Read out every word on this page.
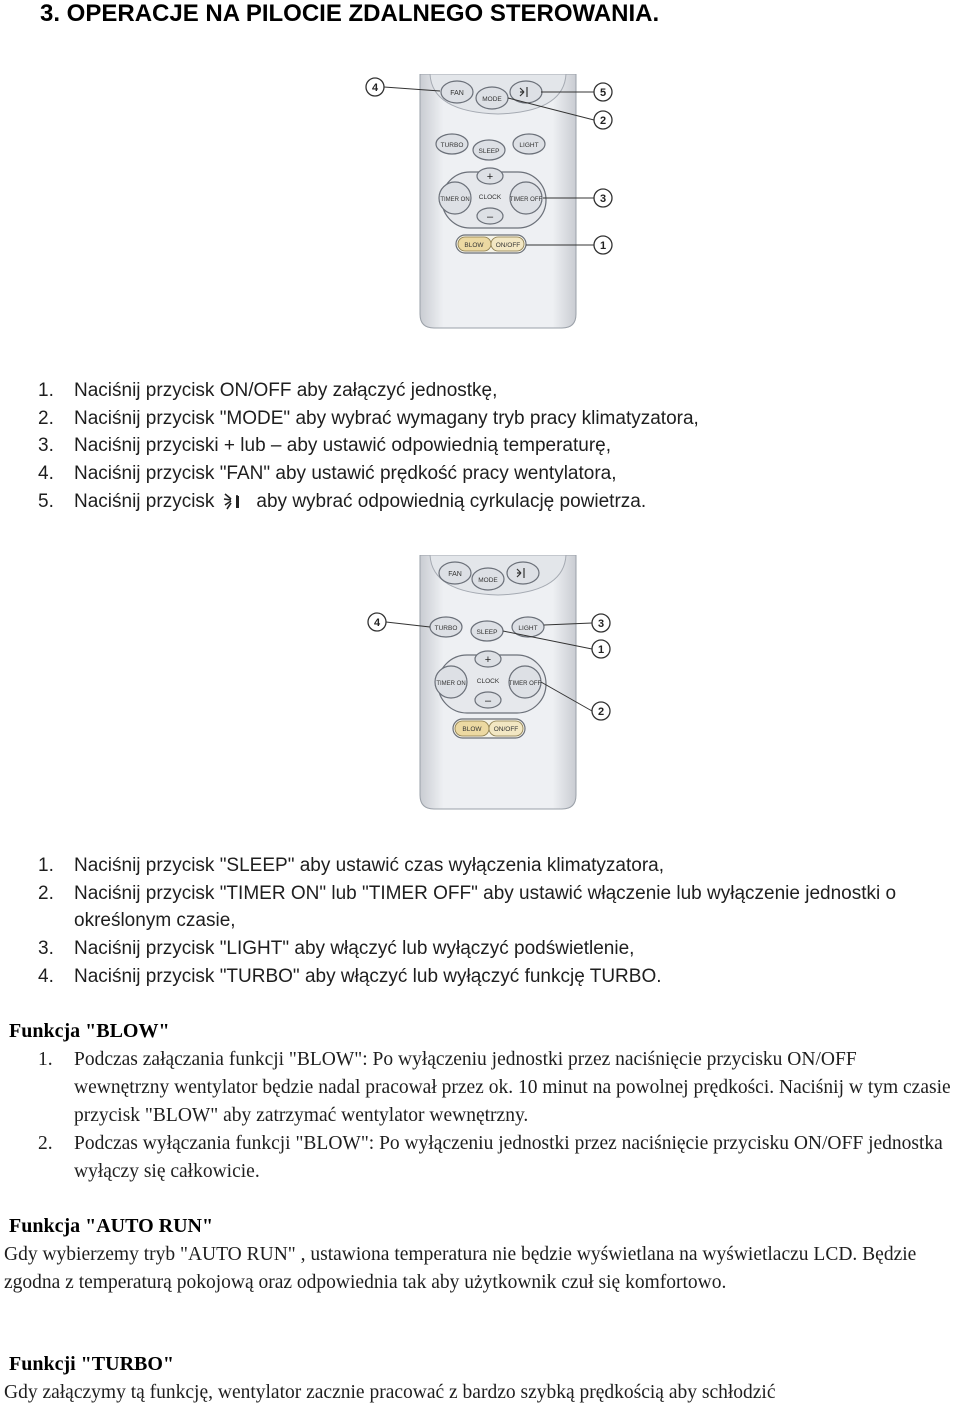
3. OPERACJE NA PILOCIE ZDALNEGO STEROWANIA.
FAN
MODE
TURBO
SLEEP
LIGHT
+
–
CLOCK
TIMER ON	TIMER OFF
BLOW ON/OFF
4	5
2
3
1
1. Naciśnij przycisk ON/OFF aby załączyć jednostkę,
2. Naciśnij przycisk "MODE" aby wybrać wymagany tryb pracy klimatyzatora,
3. Naciśnij przyciski + lub – aby ustawić odpowiednią temperaturę,
4. Naciśnij przycisk "FAN" aby ustawić prędkość pracy wentylatora,
5. Naciśnij przycisk aby wybrać odpowiednią cyrkulację powietrza.
FAN
MODE
TURBO
SLEEP
LIGHT
+
–
CLOCK
TIMER ON	TIMER OFF
BLOW ON/OFF
4	3
1
2
1. Naciśnij przycisk "SLEEP" aby ustawić czas wyłączenia klimatyzatora,
2. Naciśnij przycisk "TIMER ON" lub "TIMER OFF" aby ustawić włączenie lub wyłączenie jednostki o określonym czasie,
3. Naciśnij przycisk "LIGHT" aby włączyć lub wyłączyć podświetlenie,
4. Naciśnij przycisk "TURBO" aby włączyć lub wyłączyć funkcję TURBO.
Funkcja "BLOW"
1. Podczas załączania funkcji "BLOW": Po wyłączeniu jednostki przez naciśnięcie przycisku ON/OFF wewnętrzny wentylator będzie nadal pracował przez ok. 10 minut na powolnej prędkości. Naciśnij w tym czasie przycisk "BLOW" aby zatrzymać wentylator wewnętrzny.
2. Podczas wyłączania funkcji "BLOW": Po wyłączeniu jednostki przez naciśnięcie przycisku ON/OFF jednostka wyłączy się całkowicie.
Funkcja "AUTO RUN"

Gdy wybierzemy tryb "AUTO RUN" , ustawiona temperatura nie będzie wyświetlana na wyświetlaczu LCD. Będzie zgodna z temperaturą pokojową oraz odpowiednia tak aby użytkownik czuł się komfortowo.

Funkcji "TURBO"

Gdy załączymy tą funkcję, wentylator zacznie pracować z bardzo szybką prędkością aby schłodzić
